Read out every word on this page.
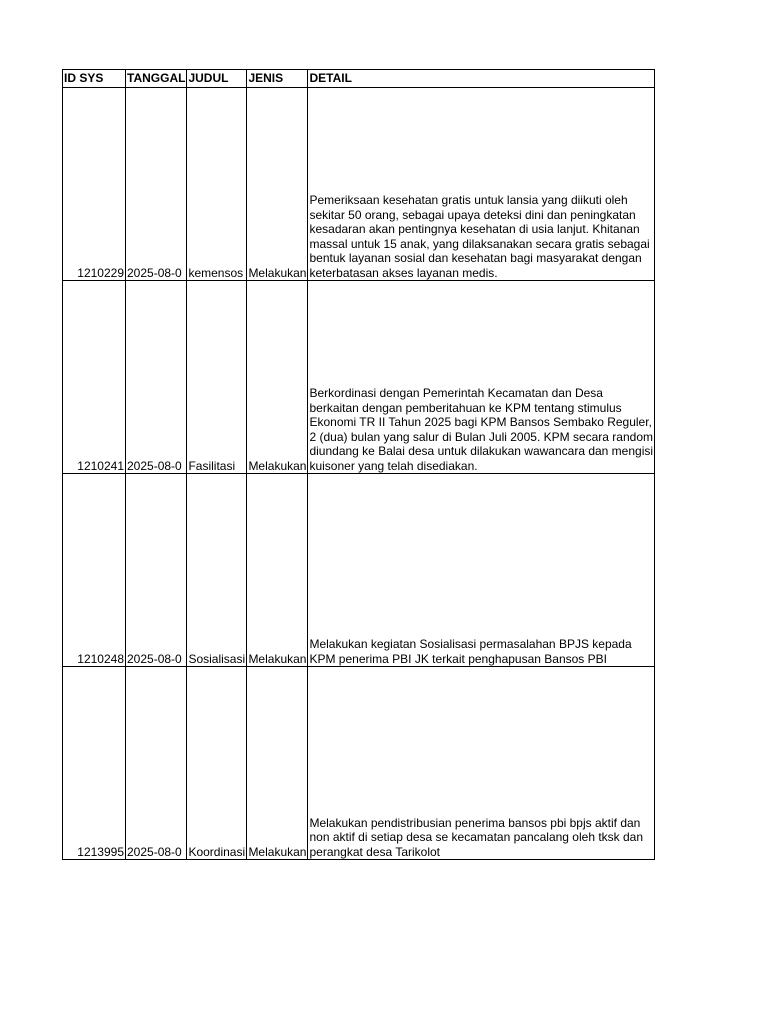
ID SYS	TANGGAL	JUDUL	JENIS	DETAIL
1210229	2025-08-0	kemensos	Melakukan	Pemeriksaan kesehatan gratis untuk lansia yang diikuti oleh sekitar 50 orang, sebagai upaya deteksi dini dan peningkatan kesadaran akan pentingnya kesehatan di usia lanjut. Khitanan massal untuk 15 anak, yang dilaksanakan secara gratis sebagai bentuk layanan sosial dan kesehatan bagi masyarakat dengan keterbatasan akses layanan medis.
1210241	2025-08-0	Fasilitasi	Melakukan	Berkordinasi dengan Pemerintah Kecamatan dan Desa berkaitan dengan pemberitahuan ke KPM tentang stimulus Ekonomi TR II Tahun 2025 bagi KPM Bansos Sembako Reguler, 2 (dua) bulan yang salur di Bulan Juli 2005. KPM secara random diundang ke Balai desa untuk dilakukan wawancara dan mengisi kuisoner yang telah disediakan.
1210248	2025-08-0	Sosialisasi	Melakukan	Melakukan kegiatan Sosialisasi permasalahan BPJS kepada KPM penerima PBI JK terkait penghapusan Bansos PBI
1213995	2025-08-0	Koordinasi	Melakukan	Melakukan pendistribusian penerima bansos pbi bpjs aktif dan non aktif di setiap desa se kecamatan pancalang oleh tksk dan perangkat desa Tarikolot
